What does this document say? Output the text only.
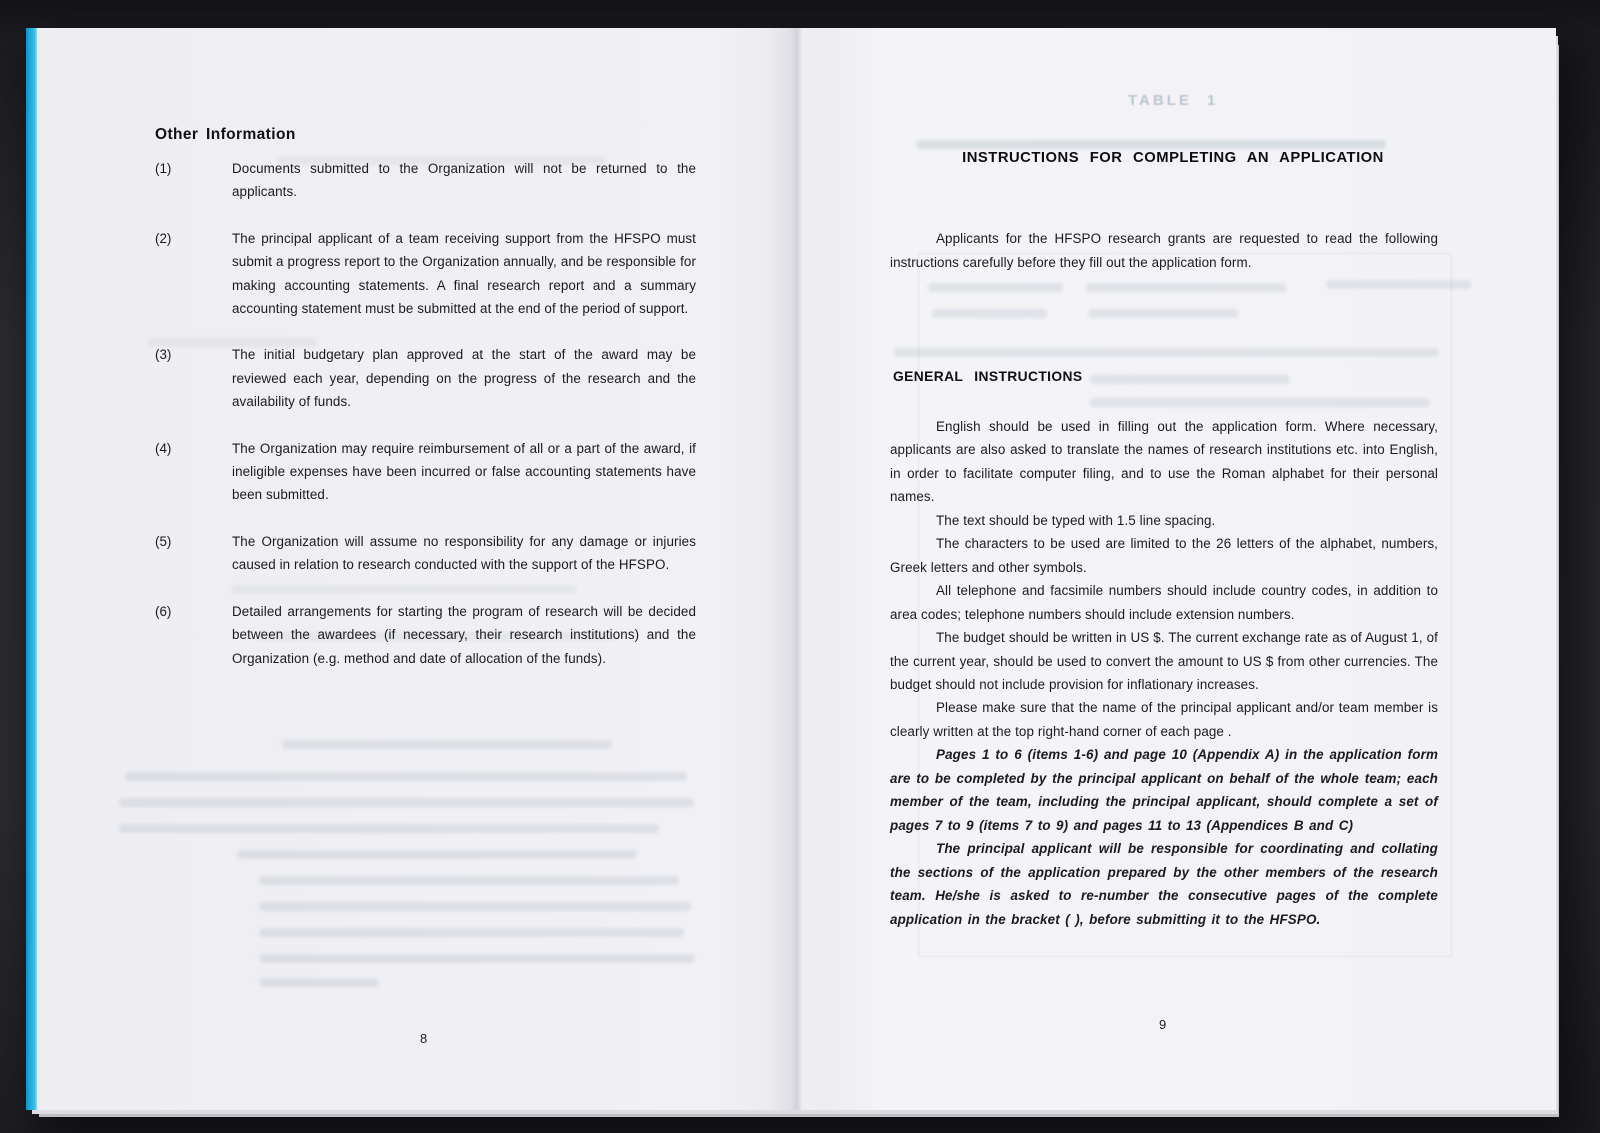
Other Information
(1)	Documents submitted to the Organization will not be returned to the applicants.
(2)	The principal applicant of a team receiving support from the HFSPO must submit a progress report to the Organization annually, and be responsible for making accounting statements. A final research report and a summary accounting statement must be submitted at the end of the period of support.
(3)	The initial budgetary plan approved at the start of the award may be reviewed each year, depending on the progress of the research and the availability of funds.
(4)	The Organization may require reimbursement of all or a part of the award, if ineligible expenses have been incurred or false accounting statements have been submitted.
(5)	The Organization will assume no responsibility for any damage or injuries caused in relation to research conducted with the support of the HFSPO.
(6)	Detailed arrangements for starting the program of research will be decided between the awardees (if necessary, their research institutions) and the Organization (e.g. method and date of allocation of the funds).
TABLE 1
INSTRUCTIONS FOR COMPLETING AN APPLICATION

Applicants for the HFSPO research grants are requested to read the following instructions carefully before they fill out the application form.

GENERAL INSTRUCTIONS

English should be used in filling out the application form. Where necessary, applicants are also asked to translate the names of research institutions etc. into English, in order to facilitate computer filing, and to use the Roman alphabet for their personal names.

The text should be typed with 1.5 line spacing.

The characters to be used are limited to the 26 letters of the alphabet, numbers, Greek letters and other symbols.

All telephone and facsimile numbers should include country codes, in addition to area codes; telephone numbers should include extension numbers.

The budget should be written in US $. The current exchange rate as of August 1, of the current year, should be used to convert the amount to US $ from other currencies. The budget should not include provision for inflationary increases.

Please make sure that the name of the principal applicant and/or team member is clearly written at the top right-hand corner of each page .

Pages 1 to 6 (items 1-6) and page 10 (Appendix A) in the application form are to be completed by the principal applicant on behalf of the whole team; each member of the team, including the principal applicant, should complete a set of pages 7 to 9 (items 7 to 9) and pages 11 to 13 (Appendices B and C)

The principal applicant will be responsible for coordinating and collating the sections of the application prepared by the other members of the research team. He/she is asked to re-number the consecutive pages of the complete application in the bracket ( ), before submitting it to the HFSPO.

8
9
